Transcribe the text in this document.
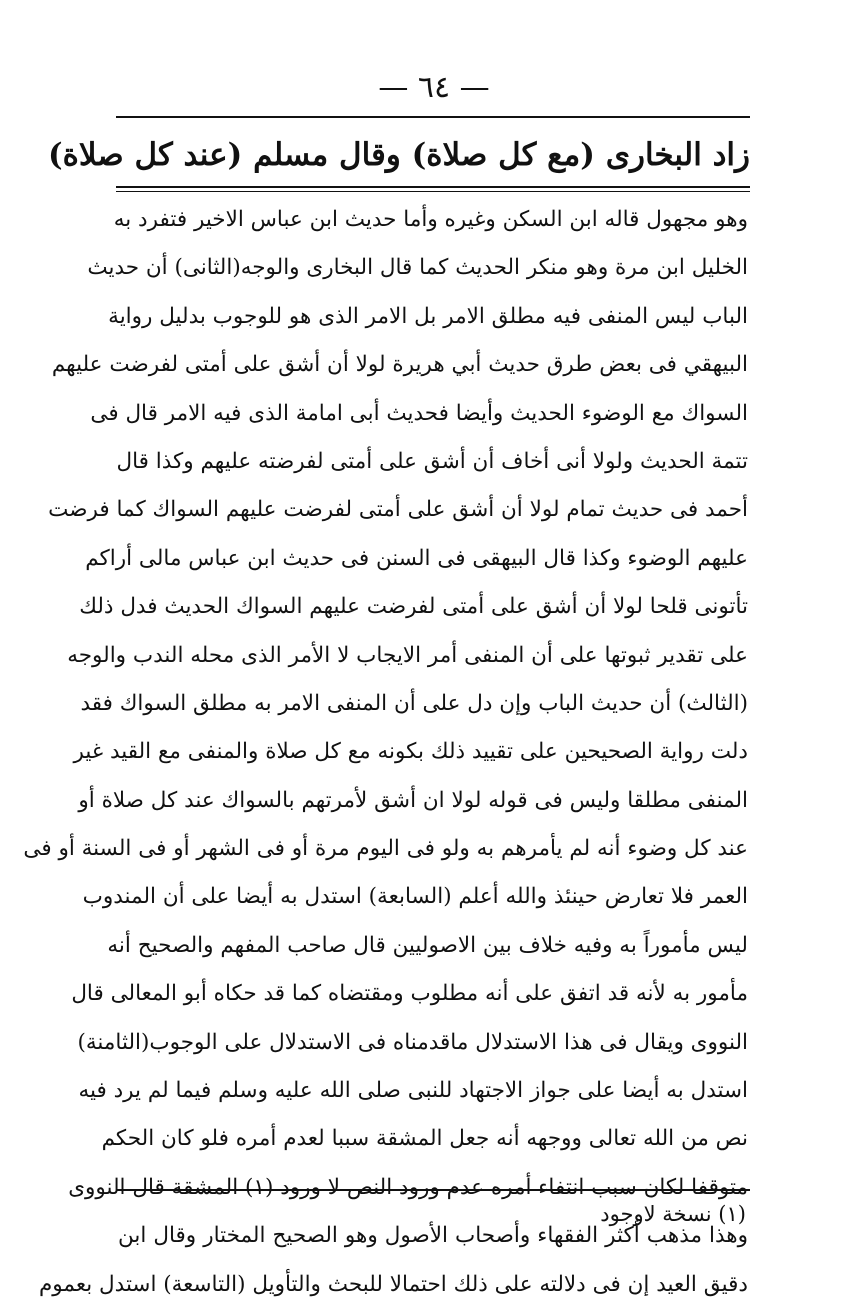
— ٦٤ —
زاد البخارى (مع كل صلاة) وقال مسلم (عند كل صلاة)
وهو مجهول قاله ابن السكن وغيره وأما حديث ابن عباس الاخير فتفرد به
الخليل ابن مرة وهو منكر الحديث كما قال البخارى والوجه(الثانى) أن حديث
الباب ليس المنفى فيه مطلق الامر بل الامر الذى هو للوجوب بدليل رواية
البيهقي فى بعض طرق حديث أبي هريرة لولا أن أشق على أمتى لفرضت عليهم
السواك مع الوضوء الحديث وأيضا فحديث أبى امامة الذى فيه الامر قال فى
تتمة الحديث ولولا أنى أخاف أن أشق على أمتى لفرضته عليهم وكذا قال
أحمد فى حديث تمام لولا أن أشق على أمتى لفرضت عليهم السواك كما فرضت
عليهم الوضوء وكذا قال البيهقى فى السنن فى حديث ابن عباس مالى أراكم
تأتونى قلحا لولا أن أشق على أمتى لفرضت عليهم السواك الحديث فدل ذلك
على تقدير ثبوتها على أن المنفى أمر الايجاب لا الأمر الذى محله الندب والوجه
(الثالث) أن حديث الباب وإن دل على أن المنفى الامر به مطلق السواك فقد
دلت رواية الصحيحين على تقييد ذلك بكونه مع كل صلاة والمنفى مع القيد غير
المنفى مطلقا وليس فى قوله لولا ان أشق لأمرتهم بالسواك عند كل صلاة أو
عند كل وضوء أنه لم يأمرهم به ولو فى اليوم مرة أو فى الشهر أو فى السنة أو فى
العمر فلا تعارض حينئذ والله أعلم (السابعة) استدل به أيضا على أن المندوب
ليس مأموراً به وفيه خلاف بين الاصوليين قال صاحب المفهم والصحيح أنه
مأمور به لأنه قد اتفق على أنه مطلوب ومقتضاه كما قد حكاه أبو المعالى قال
النووى ويقال فى هذا الاستدلال ماقدمناه فى الاستدلال على الوجوب(الثامنة)
استدل به أيضا على جواز الاجتهاد للنبى صلى الله عليه وسلم فيما لم يرد فيه
نص من الله تعالى ووجهه أنه جعل المشقة سببا لعدم أمره فلو كان الحكم
متوقفا لكان سبب انتفاء أمره عدم ورود النص لا ورود (١) المشقة قال النووى
وهذا مذهب أكثر الفقهاء وأصحاب الأصول وهو الصحيح المختار وقال ابن
دقيق العيد إن فى دلالته على ذلك احتمالا للبحث والتأويل (التاسعة) استدل بعموم
(١) نسخة لاوجود
